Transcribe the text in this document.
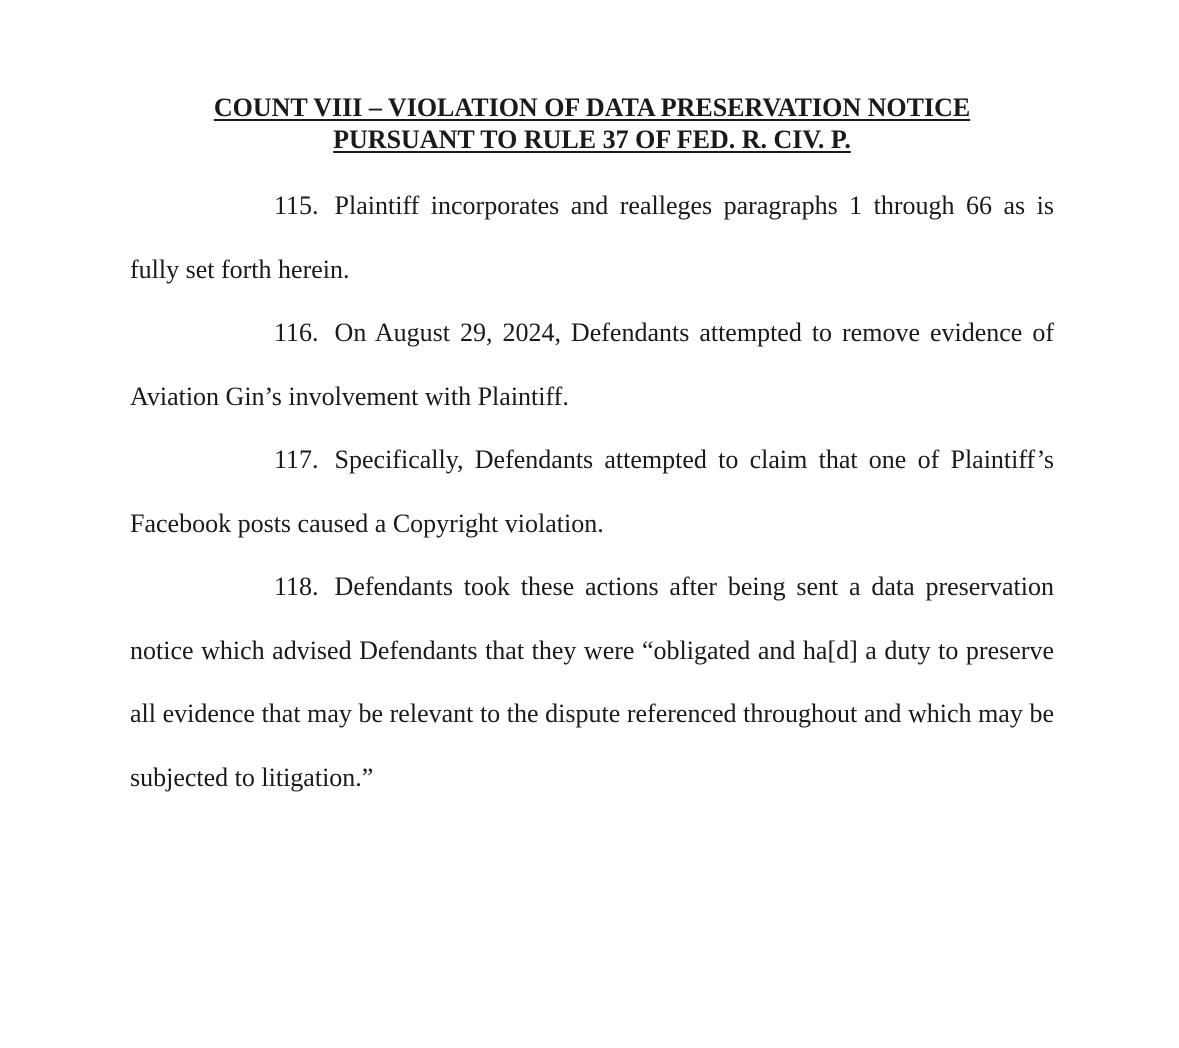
COUNT VIII – VIOLATION OF DATA PRESERVATION NOTICE
PURSUANT TO RULE 37 OF FED. R. CIV. P.

115. Plaintiff incorporates and realleges paragraphs 1 through 66 as is fully set forth herein.

116. On August 29, 2024, Defendants attempted to remove evidence of Aviation Gin’s involvement with Plaintiff.

117. Specifically, Defendants attempted to claim that one of Plaintiff’s Facebook posts caused a Copyright violation.

118. Defendants took these actions after being sent a data preservation notice which advised Defendants that they were “obligated and ha[d] a duty to preserve all evidence that may be relevant to the dispute referenced throughout and which may be subjected to litigation.”
